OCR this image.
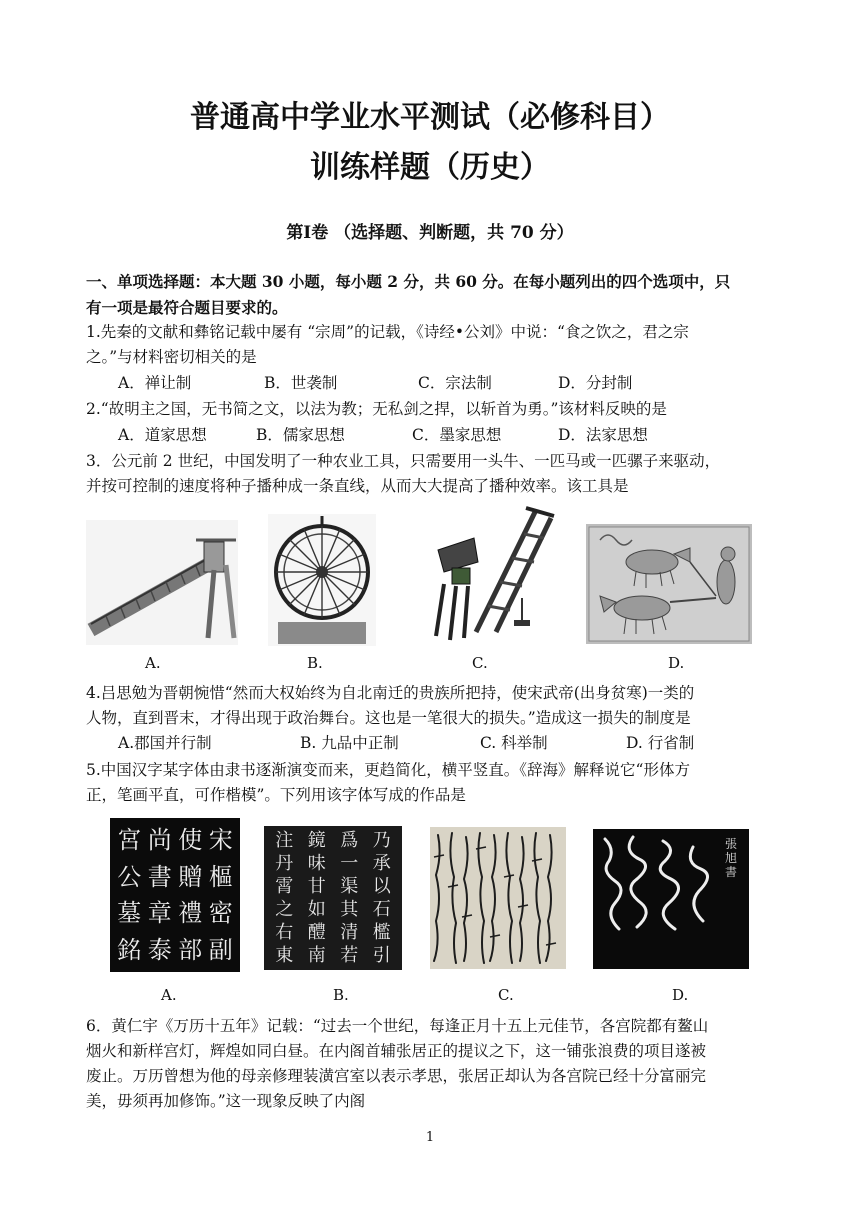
普通高中学业水平测试（必修科目）
训练样题（历史）
第Ⅰ卷 （选择题、判断题，共 70 分）
一、单项选择题：本大题 30 小题，每小题 2 分，共 60 分。在每小题列出的四个选项中，只
有一项是最符合题目要求的。
1.先秦的文献和彝铭记载中屡有 “宗周”的记载，《诗经•公刘》中说：“食之饮之，君之宗
之。”与材料密切相关的是
A．禅让制	B．世袭制	C．宗法制	D．分封制
2.“故明主之国，无书简之文，以法为教；无私剑之捍，以斩首为勇。”该材料反映的是
A．道家思想	B．儒家思想	C．墨家思想	D．法家思想
3．公元前 2 世纪，中国发明了一种农业工具，只需要用一头牛、一匹马或一匹骡子来驱动，
并按可控制的速度将种子播种成一条直线，从而大大提高了播种效率。该工具是
A.	B.	C.	D.
4.吕思勉为晋朝惋惜“然而大权始终为自北南迁的贵族所把持，使宋武帝(出身贫寒)一类的
人物，直到晋末，才得出现于政治舞台。这也是一笔很大的损失。”造成这一损失的制度是
A.郡国并行制	B. 九品中正制	C. 科举制	D. 行省制
5.中国汉字某字体由隶书逐渐演变而来，更趋简化，横平竖直。《辞海》解释说它“形体方
正，笔画平直，可作楷模”。下列用该字体写成的作品是
宋
樞
密
副
使
贈
禮
部
尚
書
章
泰
宮
公
墓
銘
乃
承
以
石
檻
引
爲
一
渠
其
清
若
鏡
味
甘
如
醴
南
注
丹
霄
之
右
東
張旭書
A.	B.	C.	D.
6．黄仁宇《万历十五年》记载：“过去一个世纪，每逢正月十五上元佳节，各宫院都有鳌山
烟火和新样宫灯，辉煌如同白昼。在内阁首辅张居正的提议之下，这一铺张浪费的项目遂被
废止。万历曾想为他的母亲修理装潢宫室以表示孝思，张居正却认为各宫院已经十分富丽完
美，毋须再加修饰。”这一现象反映了内阁
1
